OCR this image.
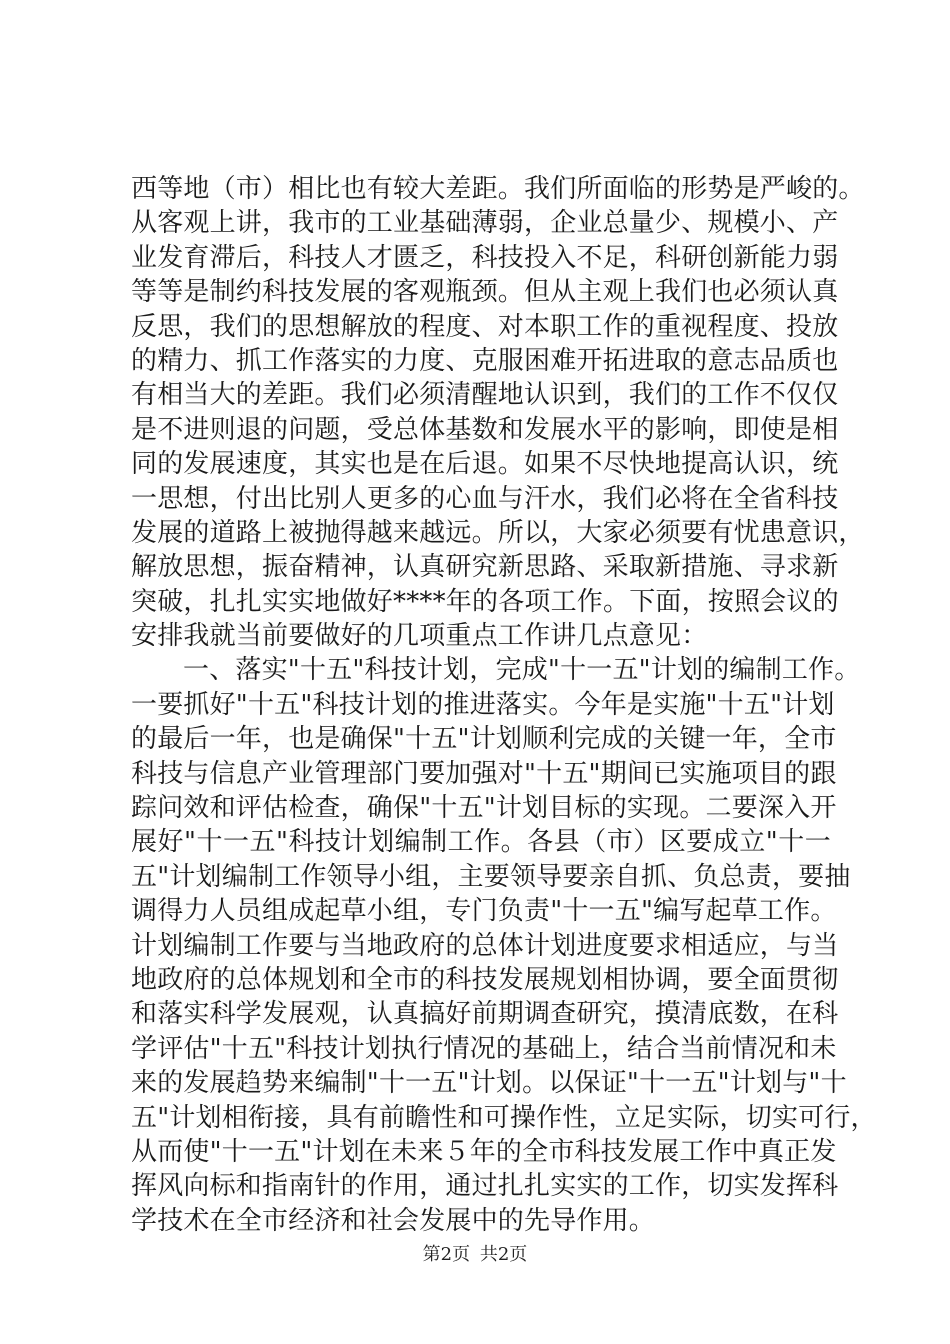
西等地（市）相比也有较大差距。我们所面临的形势是严峻的。
从客观上讲，我市的工业基础薄弱，企业总量少、规模小、产
业发育滞后，科技人才匮乏，科技投入不足，科研创新能力弱
等等是制约科技发展的客观瓶颈。但从主观上我们也必须认真
反思，我们的思想解放的程度、对本职工作的重视程度、投放
的精力、抓工作落实的力度、克服困难开拓进取的意志品质也
有相当大的差距。我们必须清醒地认识到，我们的工作不仅仅
是不进则退的问题，受总体基数和发展水平的影响，即使是相
同的发展速度，其实也是在后退。如果不尽快地提高认识，统
一思想，付出比别人更多的心血与汗水，我们必将在全省科技
发展的道路上被抛得越来越远。所以，大家必须要有忧患意识，
解放思想，振奋精神，认真研究新思路、采取新措施、寻求新
突破，扎扎实实地做好****年的各项工作。下面，按照会议的
安排我就当前要做好的几项重点工作讲几点意见：
一、落实"十五"科技计划，完成"十一五"计划的编制工作。
一要抓好"十五"科技计划的推进落实。今年是实施"十五"计划
的最后一年，也是确保"十五"计划顺利完成的关键一年，全市
科技与信息产业管理部门要加强对"十五"期间已实施项目的跟
踪问效和评估检查，确保"十五"计划目标的实现。二要深入开
展好"十一五"科技计划编制工作。各县（市）区要成立"十一
五"计划编制工作领导小组，主要领导要亲自抓、负总责，要抽
调得力人员组成起草小组，专门负责"十一五"编写起草工作。
计划编制工作要与当地政府的总体计划进度要求相适应，与当
地政府的总体规划和全市的科技发展规划相协调，要全面贯彻
和落实科学发展观，认真搞好前期调查研究，摸清底数，在科
学评估"十五"科技计划执行情况的基础上，结合当前情况和未
来的发展趋势来编制"十一五"计划。以保证"十一五"计划与"十
五"计划相衔接，具有前瞻性和可操作性，立足实际，切实可行，
从而使"十一五"计划在未来５年的全市科技发展工作中真正发
挥风向标和指南针的作用，通过扎扎实实的工作，切实发挥科
学技术在全市经济和社会发展中的先导作用。
第2页 共2页
